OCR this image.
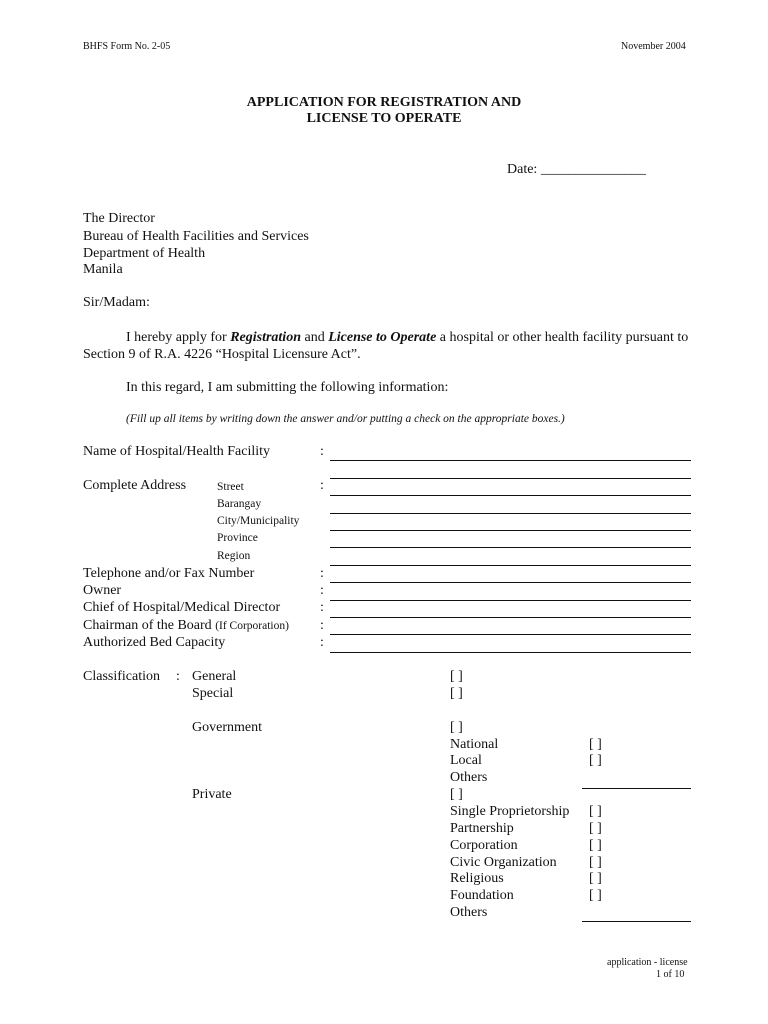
BHFS Form No. 2-05	November 2004
APPLICATION FOR REGISTRATION AND
LICENSE TO OPERATE
Date: _______________
The Director
Bureau of Health Facilities and Services
Department of Health
Manila
Sir/Madam:
I hereby apply for Registration and License to Operate a hospital or other health facility pursuant to Section 9 of R.A. 4226 “Hospital Licensure Act”.
In this regard, I am submitting the following information:
(Fill up all items by writing down the answer and/or putting a check on the appropriate boxes.)
Name of Hospital/Health Facility	:
Complete Address	Street	:
Barangay
City/Municipality
Province
Region
Telephone and/or Fax Number	:
Owner	:
Chief of Hospital/Medical Director	:
Chairman of the Board (If Corporation) :
Authorized Bed Capacity	:
Classification : General	[ ]
Special	[ ]
Government	[ ]
National	[ ]
Local	[ ]
Others
Private	[ ]
Single Proprietorship [ ]
Partnership	[ ]
Corporation	[ ]
Civic Organization [ ]
Religious	[ ]
Foundation	[ ]
Others
application - license
1 of 10
